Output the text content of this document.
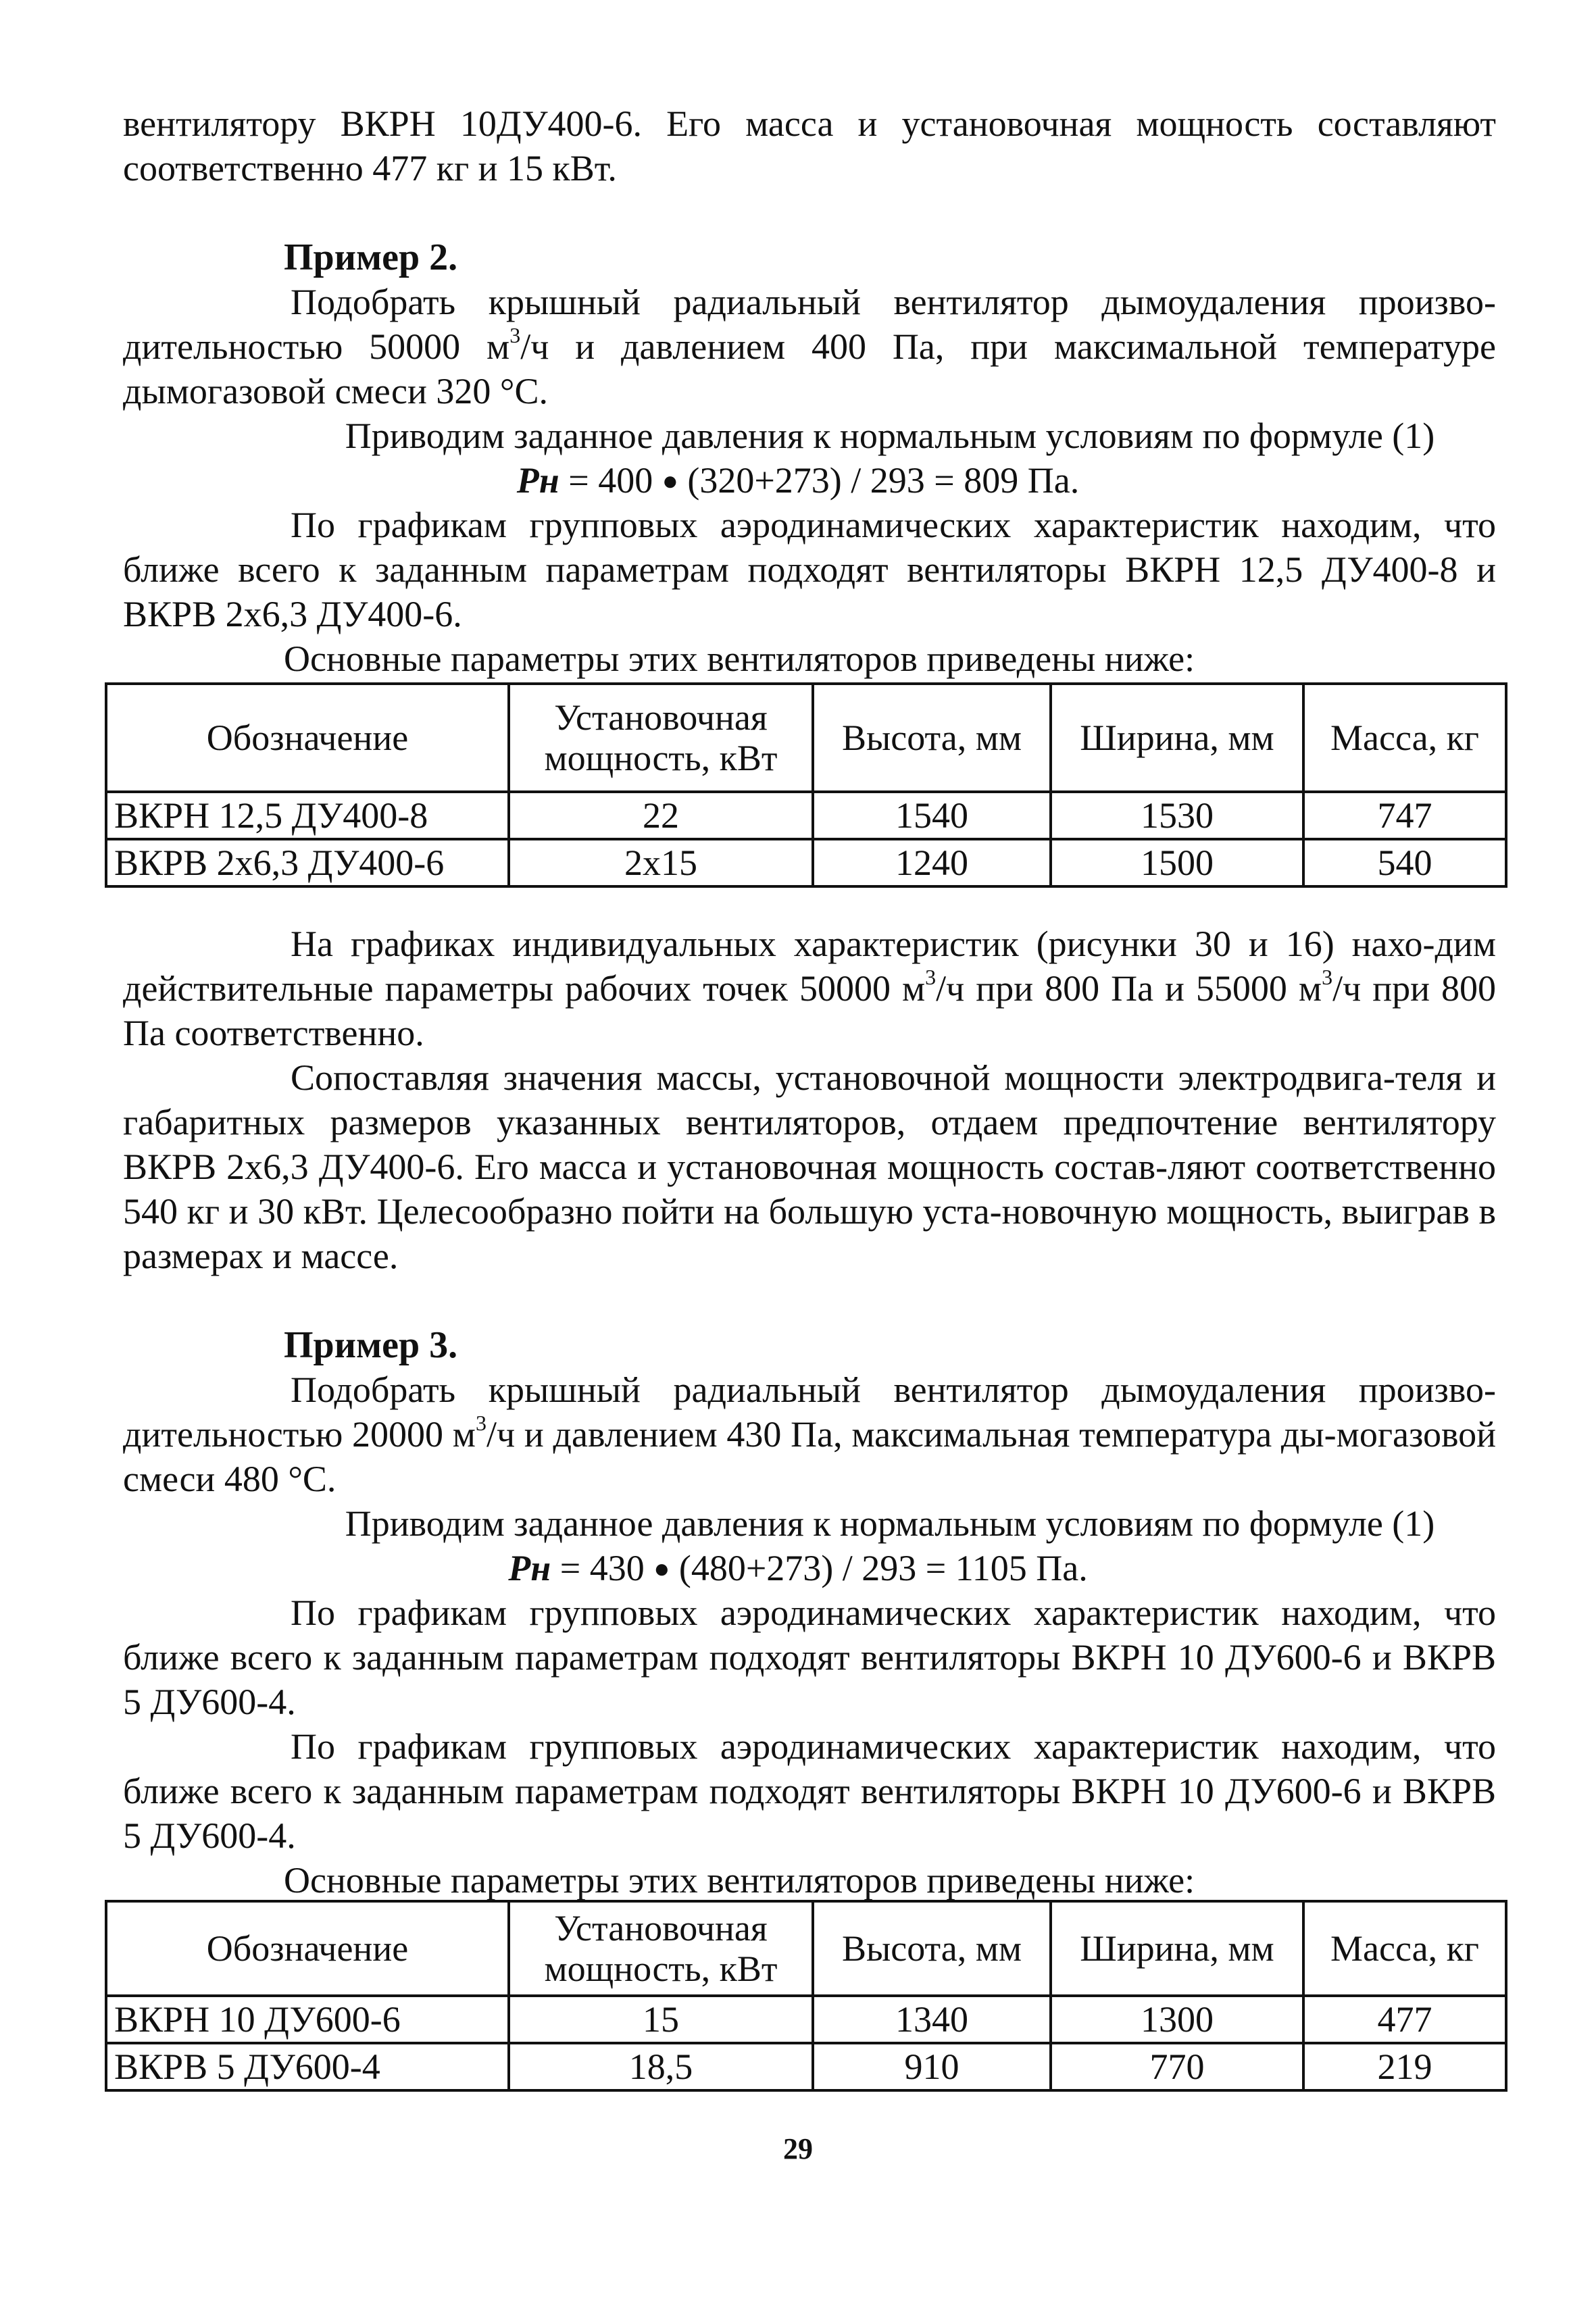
вентилятору ВКРН 10ДУ400-6. Его масса и установочная мощность составляют
соответственно 477 кг и 15 кВт.
Пример 2.
Подобрать крышный радиальный вентилятор дымоудаления произво-дительностью 50000 $м^3/ч$ и давлением 400 Па, при максимальной температуре дымогазовой смеси 320 °С.
Приводим заданное давления к нормальным условиям по формуле (1)
Pн = 400 ● (320+273) / 293 = 809 Па.
По графикам групповых аэродинамических характеристик находим, что ближе всего к заданным параметрам подходят вентиляторы ВКРН 12,5 ДУ400-8 и ВКРВ 2х6,3 ДУ400-6.
Основные параметры этих вентиляторов приведены ниже:
Обозначение	Установочная мощность, кВт	Высота, мм	Ширина, мм	Масса, кг
ВКРН 12,5 ДУ400-8	22	1540	1530	747
ВКРВ 2х6,3 ДУ400-6	2х15	1240	1500	540
На графиках индивидуальных характеристик (рисунки 30 и 16) нахо-дим действительные параметры рабочих точек 50000 $м^3/ч$ при 800 Па и 55000 $м^3/ч$ при 800 Па соответственно.
Сопоставляя значения массы, установочной мощности электродвига-теля и габаритных размеров указанных вентиляторов, отдаем предпочтение вентилятору ВКРВ 2х6,3 ДУ400-6. Его масса и установочная мощность состав-ляют соответственно 540 кг и 30 кВт. Целесообразно пойти на большую уста-новочную мощность, выиграв в размерах и массе.
Пример 3.
Подобрать крышный радиальный вентилятор дымоудаления произво-дительностью 20000 $м^3/ч$ и давлением 430 Па, максимальная температура ды-могазовой смеси 480 °С.
Приводим заданное давления к нормальным условиям по формуле (1)
Pн = 430 ● (480+273) / 293 = 1105 Па.
По графикам групповых аэродинамических характеристик находим, что ближе всего к заданным параметрам подходят вентиляторы ВКРН 10 ДУ600-6 и ВКРВ 5 ДУ600-4.
По графикам групповых аэродинамических характеристик находим, что ближе всего к заданным параметрам подходят вентиляторы ВКРН 10 ДУ600-6 и ВКРВ 5 ДУ600-4.
Основные параметры этих вентиляторов приведены ниже:
Обозначение	Установочная мощность, кВт	Высота, мм	Ширина, мм	Масса, кг
ВКРН 10 ДУ600-6	15	1340	1300	477
ВКРВ 5 ДУ600-4	18,5	910	770	219
29
